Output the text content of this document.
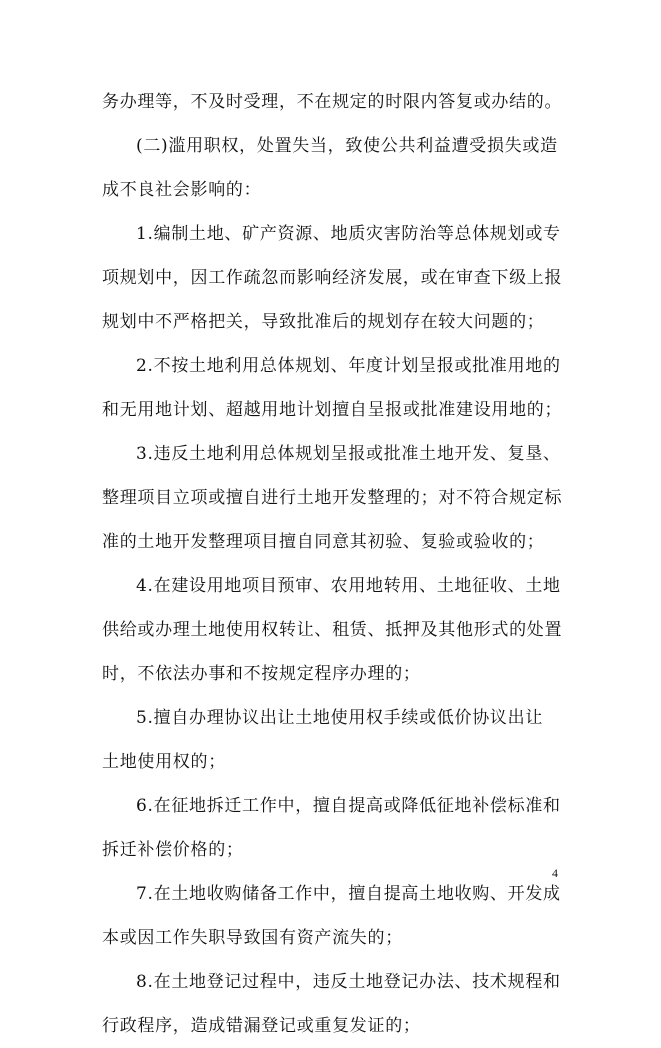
务办理等，不及时受理，不在规定的时限内答复或办结的。
(二)滥用职权，处置失当，致使公共利益遭受损失或造
成不良社会影响的：
1.编制土地、矿产资源、地质灾害防治等总体规划或专
项规划中，因工作疏忽而影响经济发展，或在审查下级上报
规划中不严格把关，导致批准后的规划存在较大问题的；
2.不按土地利用总体规划、年度计划呈报或批准用地的
和无用地计划、超越用地计划擅自呈报或批准建设用地的；
3.违反土地利用总体规划呈报或批准土地开发、复垦、
整理项目立项或擅自进行土地开发整理的；对不符合规定标
准的土地开发整理项目擅自同意其初验、复验或验收的；
4.在建设用地项目预审、农用地转用、土地征收、土地
供给或办理土地使用权转让、租赁、抵押及其他形式的处置
时，不依法办事和不按规定程序办理的；
5.擅自办理协议出让土地使用权手续或低价协议出让
土地使用权的；
6.在征地拆迁工作中，擅自提高或降低征地补偿标准和
拆迁补偿价格的；
7.在土地收购储备工作中，擅自提高土地收购、开发成
本或因工作失职导致国有资产流失的；
8.在土地登记过程中，违反土地登记办法、技术规程和
行政程序，造成错漏登记或重复发证的；
4
